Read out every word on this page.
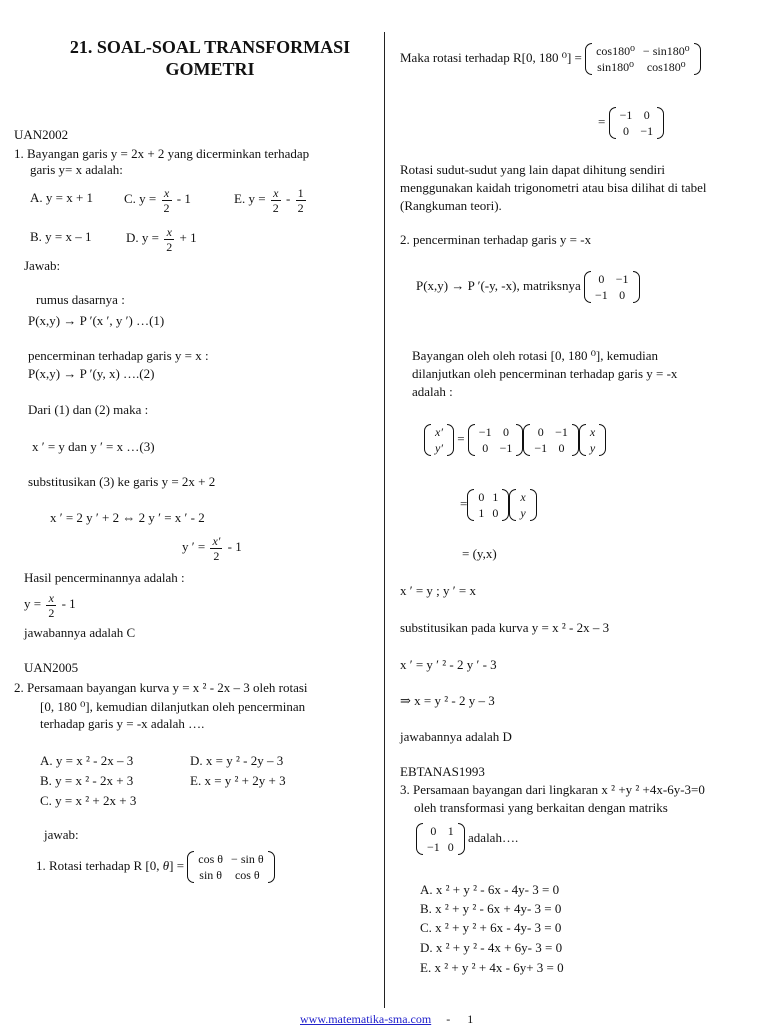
21. SOAL-SOAL TRANSFORMASI
GOMETRI
UAN2002
1. Bayangan garis y = 2x + 2 yang dicerminkan terhadap
garis y= x adalah:
A. y = x + 1 C. $y = \frac{x}{2} - 1$	E. $y = \frac{x}{2} - \frac{1}{2}$
B. y = x – 1	D. $y = \frac{x}{2} + 1$
Jawab:
rumus dasarnya :
P(x,y) → P ′(x ′, y ′) …(1)
pencerminan terhadap garis y = x :
P(x,y) → P ′(y, x) ….(2)
Dari (1) dan (2) maka :
x ′ = y dan y ′ = x …(3)
substitusikan (3) ke garis y = 2x + 2
x ′ = 2 y ′ + 2 ⇔ 2 y ′ = x ′ - 2
y ′ = $\frac{x'}{2} - 1$
Hasil pencerminannya adalah :
$y = \frac{x}{2} - 1$
jawabannya adalah C
UAN2005
2. Persamaan bayangan kurva y = x ² - 2x – 3 oleh rotasi
[0, 180 ⁰], kemudian dilanjutkan oleh pencerminan
terhadap garis y = -x adalah ….
A. y = x ² - 2x – 3	D. x = y ² - 2y – 3
B. y = x ² - 2x + 3	E. x = y ² + 2y + 3
C. y = x ² + 2x + 3
jawab:
1. Rotasi terhadap R [0, θ] = cos θ	− sin θ
sin θ	cos θ
Maka rotasi terhadap R[0, 180 ⁰] = cos180⁰	− sin180⁰
sin180⁰	cos180⁰
= −1	0
0	−1
Rotasi sudut-sudut yang lain dapat dihitung sendiri
menggunakan kaidah trigonometri atau bisa dilihat di tabel
(Rangkuman teori).
2. pencerminan terhadap garis y = -x
P(x,y) → P ′(-y, -x), matriksnya 0	−1
−1	0
Bayangan oleh oleh rotasi [0, 180 ⁰], kemudian
dilanjutkan oleh pencerminan terhadap garis y = -x
adalah :
x′
y′
= −1	0
0	−1
0	−1
−1	0
x
y
= 0	1
1	0
x
y
= (y,x)
x ′ = y ; y ′ = x
substitusikan pada kurva y = x ² - 2x – 3
x ′ = y ′ ² - 2 y ′ - 3
⇒ x = y ² - 2 y – 3
jawabannya adalah D
EBTANAS1993
3. Persamaan bayangan dari lingkaran x ² +y ² +4x-6y-3=0
oleh transformasi yang berkaitan dengan matriks
0	1
−1	0
adalah….
A. x ² + y ² - 6x - 4y- 3 = 0
B. x ² + y ² - 6x + 4y- 3 = 0
C. x ² + y ² + 6x - 4y- 3 = 0
D. x ² + y ² - 4x + 6y- 3 = 0
E. x ² + y ² + 4x - 6y+ 3 = 0
www.matematika-sma.com - 1
